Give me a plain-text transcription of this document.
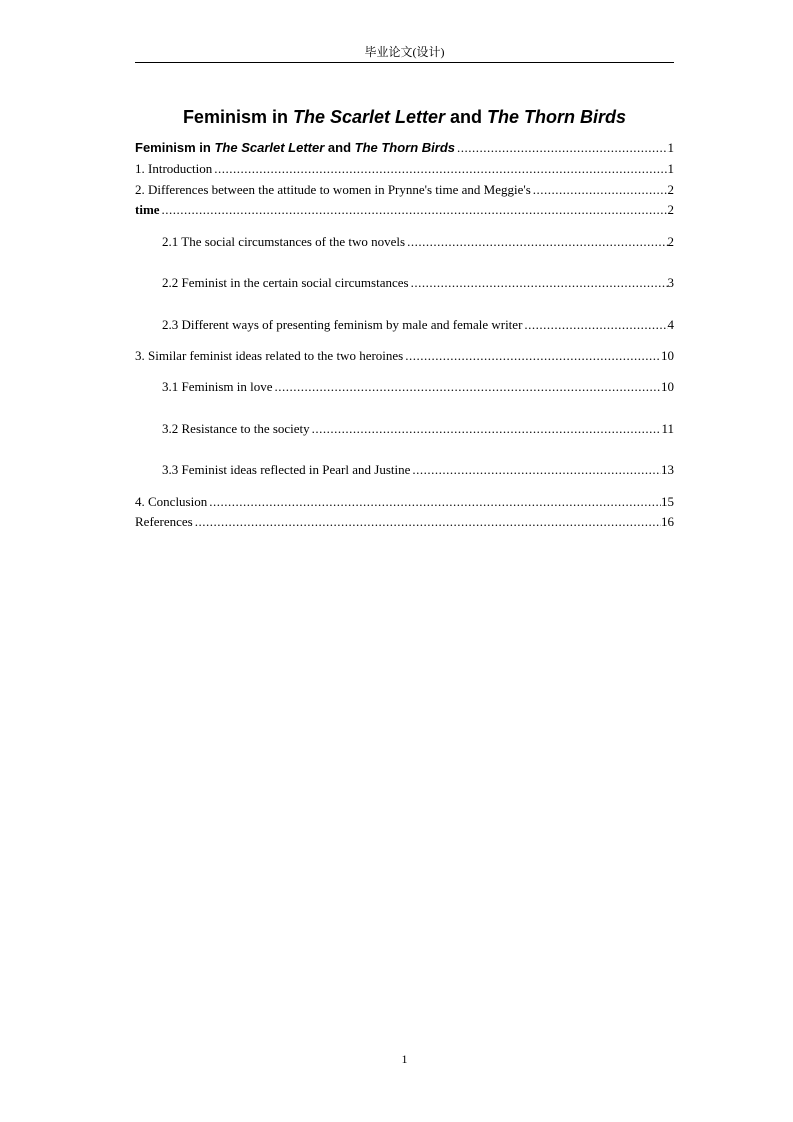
毕业论文(设计)
Feminism in The Scarlet Letter and The Thorn Birds
Feminism in The Scarlet Letter and The Thorn Birds .....	1
1. Introduction .....	1
2. Differences between the attitude to women in Prynne's time and Meggie's .....	2
time .....	2
2.1 The social circumstances of the two novels .....	2
2.2 Feminist in the certain social circumstances .....	3
2.3 Different ways of presenting feminism by male and female writer .....	4
3. Similar feminist ideas related to the two heroines .....	10
3.1 Feminism in love .....	10
3.2 Resistance to the society .....	11
3.3 Feminist ideas reflected in Pearl and Justine .....	13
4. Conclusion .....	15
References .....	16
1
